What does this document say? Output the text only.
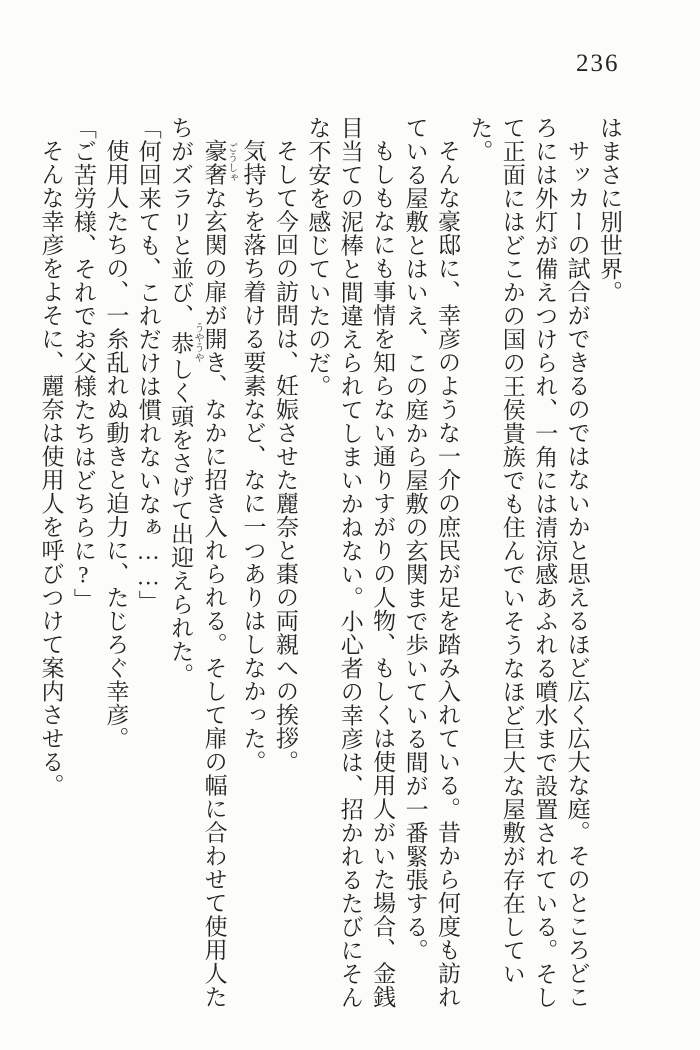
236

はまさに別世界。

サッカーの試合ができるのではないかと思えるほど広く広大な庭。そのところどころには外灯が備えつけられ、一角には清涼感あふれる噴水まで設置されている。そして正面にはどこかの国の王侯貴族でも住んでいそうなほど巨大な屋敷が存在していた。

そんな豪邸に、幸彦のような一介の庶民が足を踏み入れている。昔から何度も訪れている屋敷とはいえ、この庭から屋敷の玄関まで歩いている間が一番緊張する。

もしもなにも事情を知らない通りすがりの人物、もしくは使用人がいた場合、金銭目当ての泥棒と間違えられてしまいかねない。小心者の幸彦は、招かれるたびにそんな不安を感じていたのだ。

そして今回の訪問は、妊娠させた麗奈と棗の両親への挨拶。

気持ちを落ち着ける要素など、なに一つありはしなかった。

豪奢 ごうしゃな玄関の扉が開き、なかに招き入れられる。そして扉の幅に合わせて使用人たちがズラリと並び、恭 うやうやしく頭をさげて出迎えられた。

「何回来ても、これだけは慣れないなぁ……」

使用人たちの、一糸乱れぬ動きと迫力に、たじろぐ幸彦。

「ご苦労様、それでお父様たちはどちらに?」

そんな幸彦をよそに、麗奈は使用人を呼びつけて案内させる。
